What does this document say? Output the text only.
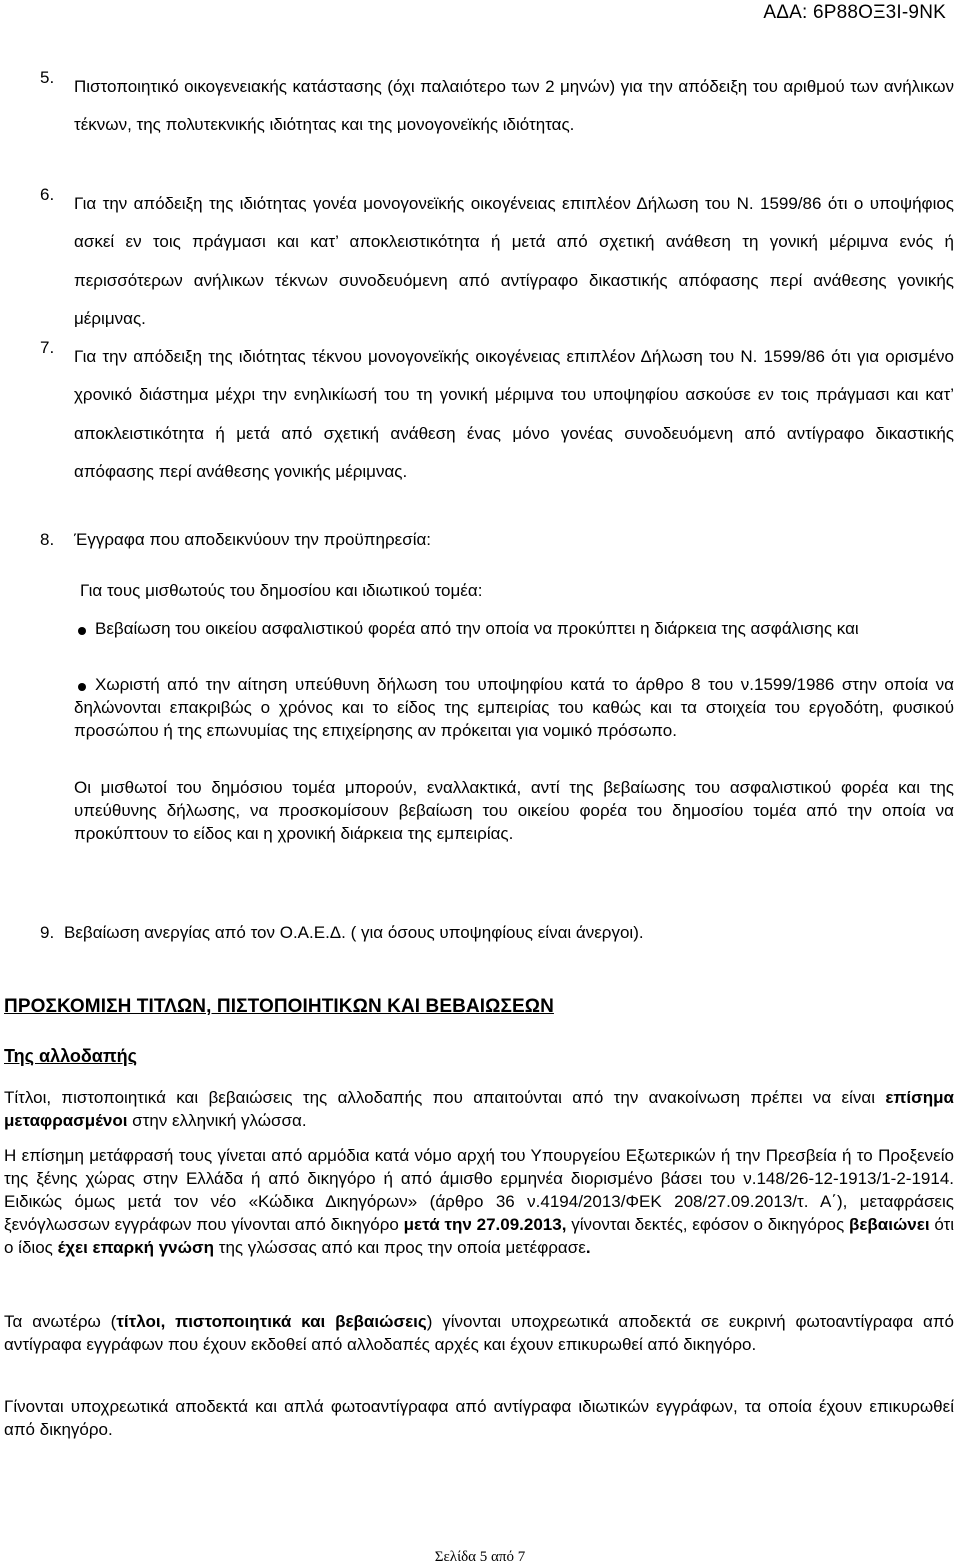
ΑΔΑ: 6Ρ88ΟΞ3Ι-9ΝΚ
5. Πιστοποιητικό οικογενειακής κατάστασης (όχι παλαιότερο των 2 μηνών) για την απόδειξη του αριθμού των ανήλικων τέκνων, της πολυτεκνικής ιδιότητας και της μονογονεϊκής ιδιότητας.
6. Για την απόδειξη της ιδιότητας γονέα μονογονεϊκής οικογένειας επιπλέον Δήλωση του Ν. 1599/86 ότι ο υποψήφιος ασκεί εν τοις πράγμασι και κατ’ αποκλειστικότητα ή μετά από σχετική ανάθεση τη γονική μέριμνα ενός ή περισσότερων ανήλικων τέκνων συνοδευόμενη από αντίγραφο δικαστικής απόφασης περί ανάθεσης γονικής μέριμνας.
7. Για την απόδειξη της ιδιότητας τέκνου μονογονεϊκής οικογένειας επιπλέον Δήλωση του Ν. 1599/86 ότι για ορισμένο χρονικό διάστημα μέχρι την ενηλικίωσή του τη γονική μέριμνα του υποψηφίου ασκούσε εν τοις πράγμασι και κατ’ αποκλειστικότητα ή μετά από σχετική ανάθεση ένας μόνο γονέας συνοδευόμενη από αντίγραφο δικαστικής απόφασης περί ανάθεσης γονικής μέριμνας.
8. Έγγραφα που αποδεικνύουν την προϋπηρεσία:
Για τους μισθωτούς του δημοσίου και ιδιωτικού τομέα:
Βεβαίωση του οικείου ασφαλιστικού φορέα από την οποία να προκύπτει η διάρκεια της ασφάλισης και
Χωριστή από την αίτηση υπεύθυνη δήλωση του υποψηφίου κατά το άρθρο 8 του ν.1599/1986 στην οποία να δηλώνονται επακριβώς ο χρόνος και το είδος της εμπειρίας του καθώς και τα στοιχεία του εργοδότη, φυσικού προσώπου ή της επωνυμίας της επιχείρησης αν πρόκειται για νομικό πρόσωπο.
Οι μισθωτοί του δημόσιου τομέα μπορούν, εναλλακτικά, αντί της βεβαίωσης του ασφαλιστικού φορέα και της υπεύθυνης δήλωσης, να προσκομίσουν βεβαίωση του οικείου φορέα του δημοσίου τομέα από την οποία να προκύπτουν το είδος και η χρονική διάρκεια της εμπειρίας.
9. Βεβαίωση ανεργίας από τον Ο.Α.Ε.Δ. ( για όσους υποψηφίους είναι άνεργοι).
ΠΡΟΣΚΟΜΙΣΗ ΤΙΤΛΩΝ, ΠΙΣΤΟΠΟΙΗΤΙΚΩΝ ΚΑΙ ΒΕΒΑΙΩΣΕΩΝ
Της αλλοδαπής
Τίτλοι, πιστοποιητικά και βεβαιώσεις της αλλοδαπής που απαιτούνται από την ανακοίνωση πρέπει να είναι επίσημα μεταφρασμένοι στην ελληνική γλώσσα.
Η επίσημη μετάφρασή τους γίνεται από αρμόδια κατά νόμο αρχή του Υπουργείου Εξωτερικών ή την Πρεσβεία ή το Προξενείο της ξένης χώρας στην Ελλάδα ή από δικηγόρο ή από άμισθο ερμηνέα διορισμένο βάσει του ν.148/26-12-1913/1-2-1914. Ειδικώς όμως μετά τον νέο «Κώδικα Δικηγόρων» (άρθρο 36 ν.4194/2013/ΦΕΚ 208/27.09.2013/τ. Α΄), μεταφράσεις ξενόγλωσσων εγγράφων που γίνονται από δικηγόρο μετά την 27.09.2013, γίνονται δεκτές, εφόσον ο δικηγόρος βεβαιώνει ότι ο ίδιος έχει επαρκή γνώση της γλώσσας από και προς την οποία μετέφρασε.
Τα ανωτέρω (τίτλοι, πιστοποιητικά και βεβαιώσεις) γίνονται υποχρεωτικά αποδεκτά σε ευκρινή φωτοαντίγραφα από αντίγραφα εγγράφων που έχουν εκδοθεί από αλλοδαπές αρχές και έχουν επικυρωθεί από δικηγόρο.
Γίνονται υποχρεωτικά αποδεκτά και απλά φωτοαντίγραφα από αντίγραφα ιδιωτικών εγγράφων, τα οποία έχουν επικυρωθεί από δικηγόρο.
Σελίδα 5 από 7
